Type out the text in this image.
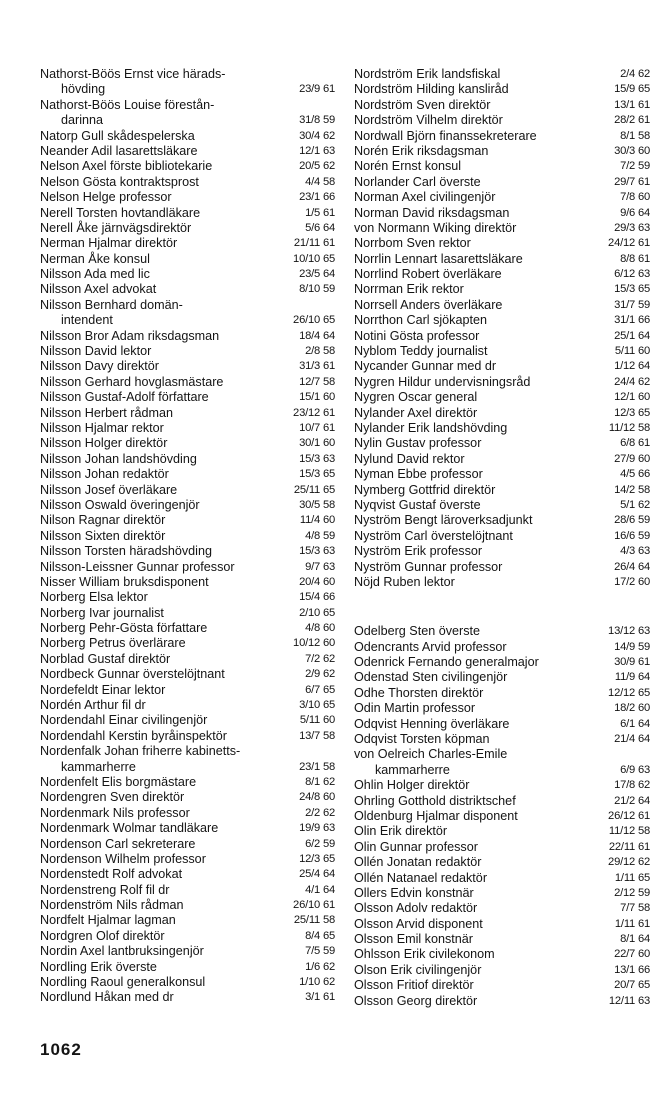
Nathorst-Böös Ernst vice härads-
hövding	23/9 61
Nathorst-Böös Louise förestån-
darinna	31/8 59
Natorp Gull skådespelerska	30/4 62
Neander Adil lasarettsläkare	12/1 63
Nelson Axel förste bibliotekarie	20/5 62
Nelson Gösta kontraktsprost	4/4 58
Nelson Helge professor	23/1 66
Nerell Torsten hovtandläkare	1/5 61
Nerell Åke järnvägsdirektör	5/6 64
Nerman Hjalmar direktör	21/11 61
Nerman Åke konsul	10/10 65
Nilsson Ada med lic	23/5 64
Nilsson Axel advokat	8/10 59
Nilsson Bernhard domän-
intendent	26/10 65
Nilsson Bror Adam riksdagsman	18/4 64
Nilsson David lektor	2/8 58
Nilsson Davy direktör	31/3 61
Nilsson Gerhard hovglasmästare	12/7 58
Nilsson Gustaf-Adolf författare	15/1 60
Nilsson Herbert rådman	23/12 61
Nilsson Hjalmar rektor	10/7 61
Nilsson Holger direktör	30/1 60
Nilsson Johan landshövding	15/3 63
Nilsson Johan redaktör	15/3 65
Nilsson Josef överläkare	25/11 65
Nilsson Oswald överingenjör	30/5 58
Nilson Ragnar direktör	11/4 60
Nilsson Sixten direktör	4/8 59
Nilsson Torsten häradshövding	15/3 63
Nilsson-Leissner Gunnar professor	9/7 63
Nisser William bruksdisponent	20/4 60
Norberg Elsa lektor	15/4 66
Norberg Ivar journalist	2/10 65
Norberg Pehr-Gösta författare	4/8 60
Norberg Petrus överlärare	10/12 60
Norblad Gustaf direktör	7/2 62
Nordbeck Gunnar överstelöjtnant	2/9 62
Nordefeldt Einar lektor	6/7 65
Nordén Arthur fil dr	3/10 65
Nordendahl Einar civilingenjör	5/11 60
Nordendahl Kerstin byråinspektör	13/7 58
Nordenfalk Johan friherre kabinetts-
kammarherre	23/1 58
Nordenfelt Elis borgmästare	8/1 62
Nordengren Sven direktör	24/8 60
Nordenmark Nils professor	2/2 62
Nordenmark Wolmar tandläkare	19/9 63
Nordenson Carl sekreterare	6/2 59
Nordenson Wilhelm professor	12/3 65
Nordenstedt Rolf advokat	25/4 64
Nordenstreng Rolf fil dr	4/1 64
Nordenström Nils rådman	26/10 61
Nordfelt Hjalmar lagman	25/11 58
Nordgren Olof direktör	8/4 65
Nordin Axel lantbruksingenjör	7/5 59
Nordling Erik överste	1/6 62
Nordling Raoul generalkonsul	1/10 62
Nordlund Håkan med dr	3/1 61
Nordström Erik landsfiskal	2/4 62
Nordström Hilding kansliråd	15/9 65
Nordström Sven direktör	13/1 61
Nordström Vilhelm direktör	28/2 61
Nordwall Björn finanssekreterare	8/1 58
Norén Erik riksdagsman	30/3 60
Norén Ernst konsul	7/2 59
Norlander Carl överste	29/7 61
Norman Axel civilingenjör	7/8 60
Norman David riksdagsman	9/6 64
von Normann Wiking direktör	29/3 63
Norrbom Sven rektor	24/12 61
Norrlin Lennart lasarettsläkare	8/8 61
Norrlind Robert överläkare	6/12 63
Norrman Erik rektor	15/3 65
Norrsell Anders överläkare	31/7 59
Norrthon Carl sjökapten	31/1 66
Notini Gösta professor	25/1 64
Nyblom Teddy journalist	5/11 60
Nycander Gunnar med dr	1/12 64
Nygren Hildur undervisningsråd	24/4 62
Nygren Oscar general	12/1 60
Nylander Axel direktör	12/3 65
Nylander Erik landshövding	11/12 58
Nylin Gustav professor	6/8 61
Nylund David rektor	27/9 60
Nyman Ebbe professor	4/5 66
Nymberg Gottfrid direktör	14/2 58
Nyqvist Gustaf överste	5/1 62
Nyström Bengt läroverksadjunkt	28/6 59
Nyström Carl överstelöjtnant	16/6 59
Nyström Erik professor	4/3 63
Nyström Gunnar professor	26/4 64
Nöjd Ruben lektor	17/2 60
Odelberg Sten överste	13/12 63
Odencrants Arvid professor	14/9 59
Odenrick Fernando generalmajor	30/9 61
Odenstad Sten civilingenjör	11/9 64
Odhe Thorsten direktör	12/12 65
Odin Martin professor	18/2 60
Odqvist Henning överläkare	6/1 64
Odqvist Torsten köpman	21/4 64
von Oelreich Charles-Emile
kammarherre	6/9 63
Ohlin Holger direktör	17/8 62
Ohrling Gotthold distriktschef	21/2 64
Oldenburg Hjalmar disponent	26/12 61
Olin Erik direktör	11/12 58
Olin Gunnar professor	22/11 61
Ollén Jonatan redaktör	29/12 62
Ollén Natanael redaktör	1/11 65
Ollers Edvin konstnär	2/12 59
Olsson Adolv redaktör	7/7 58
Olsson Arvid disponent	1/11 61
Olsson Emil konstnär	8/1 64
Ohlsson Erik civilekonom	22/7 60
Olson Erik civilingenjör	13/1 66
Olsson Fritiof direktör	20/7 65
Olsson Georg direktör	12/11 63
1062
